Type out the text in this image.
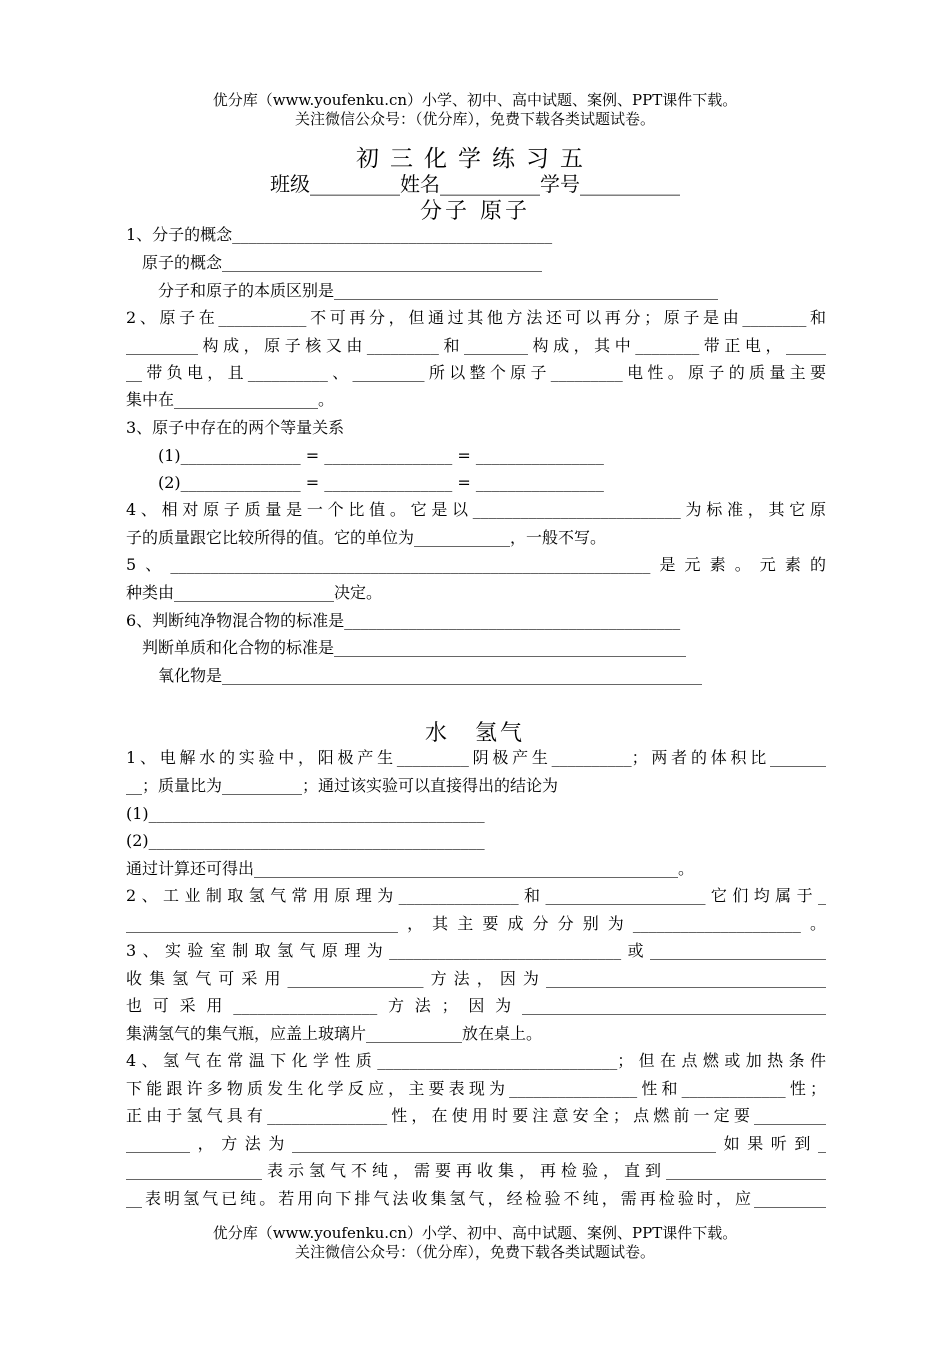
优分库（www.youfenku.cn）小学、初中、高中试题、案例、PPT课件下载。
关注微信公众号：（优分库），免费下载各类试题试卷。
初三化学练习五
班级_________姓名__________学号__________
分子 原子
1、分子的概念________________________________________
　原子的概念________________________________________
　　分子和原子的本质区别是________________________________________________
2、原子在___________不可再分，但通过其他方法还可以再分；原子是由________和
_________构成，原子核又由_________和________构成，其中________带正电，_____
__带负电，且__________、_________所以整个原子_________电性。原子的质量主要
集中在__________________。
3、原子中存在的两个等量关系
　　(1)_______________ = ________________ = ________________
　　(2)_______________ = ________________ = ________________
4、相对原子质量是一个比值。它是以__________________________为标准，其它原
子的质量跟它比较所得的值。它的单位为____________，一般不写。
5、____________________________________________________________是元素。元素的
种类由____________________决定。
6、判断纯净物混合物的标准是__________________________________________
　判断单质和化合物的标准是____________________________________________
　　氧化物是____________________________________________________________
水　氢气
1、电解水的实验中，阳极产生_________阴极产生__________；两者的体积比_______
__；质量比为__________；通过该实验可以直接得出的结论为
(1)__________________________________________
(2)__________________________________________
通过计算还可得出_____________________________________________________。
2、工业制取氢气常用原理为_______________和____________________它们均属于_
__________________________________，其主要成分分别为_____________________。
3、实验室制取氢气原理为_____________________________或______________________
收集氢气可采用_________________方法，因为___________________________________
也可采用__________________方法；因为______________________________________
集满氢气的集气瓶，应盖上玻璃片____________放在桌上。
4、氢气在常温下化学性质______________________________；但在点燃或加热条件
下能跟许多物质发生化学反应，主要表现为________________性和_____________性；
正由于氢气具有_______________性，在使用时要注意安全；点燃前一定要_________
________，方法为_____________________________________________________如果听到_
_________________表示氢气不纯，需要再收集，再检验，直到____________________
__表明氢气已纯。若用向下排气法收集氢气，经检验不纯，需再检验时，应_________
优分库（www.youfenku.cn）小学、初中、高中试题、案例、PPT课件下载。
关注微信公众号：（优分库），免费下载各类试题试卷。
